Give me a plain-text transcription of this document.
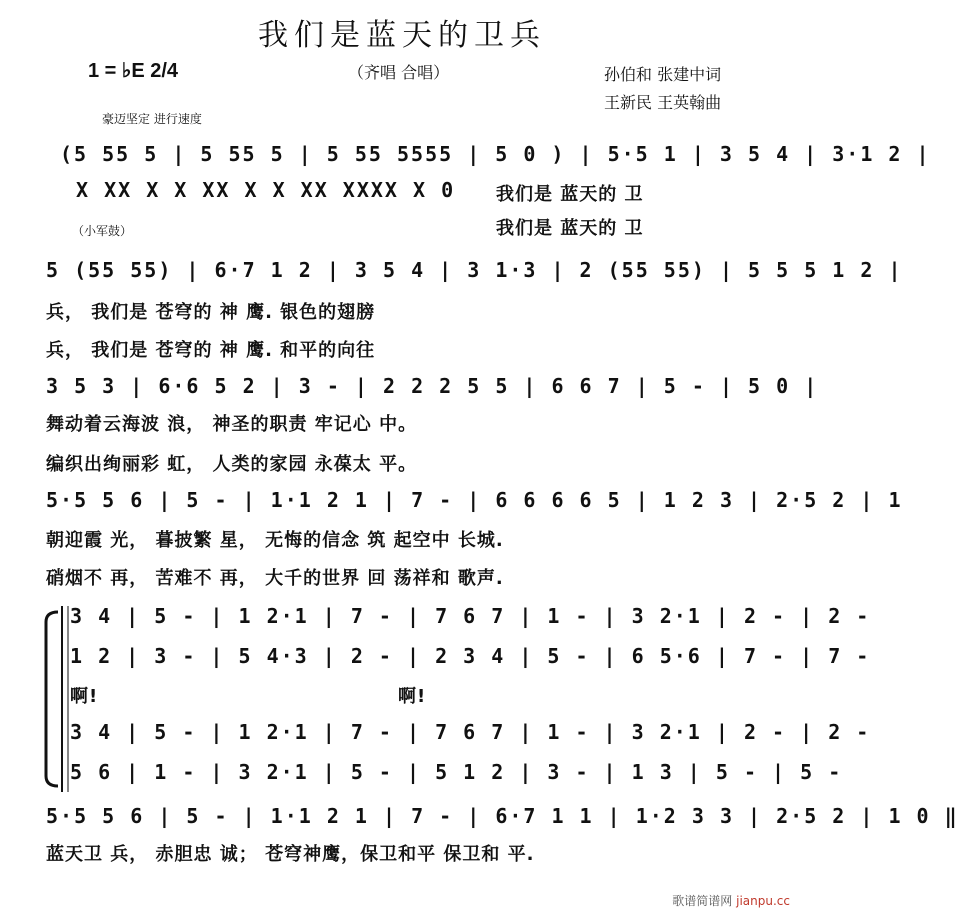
我们是蓝天的卫兵
1 = ♭E 2/4	（齐唱 合唱）	孙伯和 张建中词
王新民 王英翰曲
豪迈坚定 进行速度
（小军鼓）
(5 55 5 | 5 55 5 | 5 55 5555 | 5 0 ) | 5·5 1 | 3 5 4 | 3·1 2 |
X XX X X XX X X XX XXXX X 0 我们是 蓝天的 卫
我们是 蓝天的 卫
5 (55 55) | 6·7 1 2 | 3 5 4 | 3 1·3 | 2 (55 55) | 5 5 5 1 2 |
兵， 我们是 苍穹的 神 鹰. 银色的翅膀
兵， 我们是 苍穹的 神 鹰. 和平的向往
3 5 3 | 6·6 5 2 | 3 - | 2 2 2 5 5 | 6 6 7 | 5 - | 5 0 |
舞动着云海波 浪， 神圣的职责 牢记心 中。
编织出绚丽彩 虹， 人类的家园 永葆太 平。
5·5 5 6 | 5 - | 1·1 2 1 | 7 - | 6 6 6 6 5 | 1 2 3 | 2·5 2 | 1
朝迎霞 光， 暮披繁 星， 无悔的信念 筑 起空中 长城.
硝烟不 再， 苦难不 再， 大千的世界 回 荡祥和 歌声.
3 4 | 5 - | 1 2·1 | 7 - | 7 6 7 | 1 - | 3 2·1 | 2 - | 2 -
1 2 | 3 - | 5 4·3 | 2 - | 2 3 4 | 5 - | 6 5·6 | 7 - | 7 -
啊!	啊!
3 4 | 5 - | 1 2·1 | 7 - | 7 6 7 | 1 - | 3 2·1 | 2 - | 2 -
5 6 | 1 - | 3 2·1 | 5 - | 5 1 2 | 3 - | 1 3 | 5 - | 5 -
5·5 5 6 | 5 - | 1·1 2 1 | 7 - | 6·7 1 1 | 1·2 3 3 | 2·5 2 | 1 0 ‖
蓝天卫 兵， 赤胆忠 诚； 苍穹神鹰，保卫和平 保卫和 平.
歌谱简谱网 jianpu.cc
